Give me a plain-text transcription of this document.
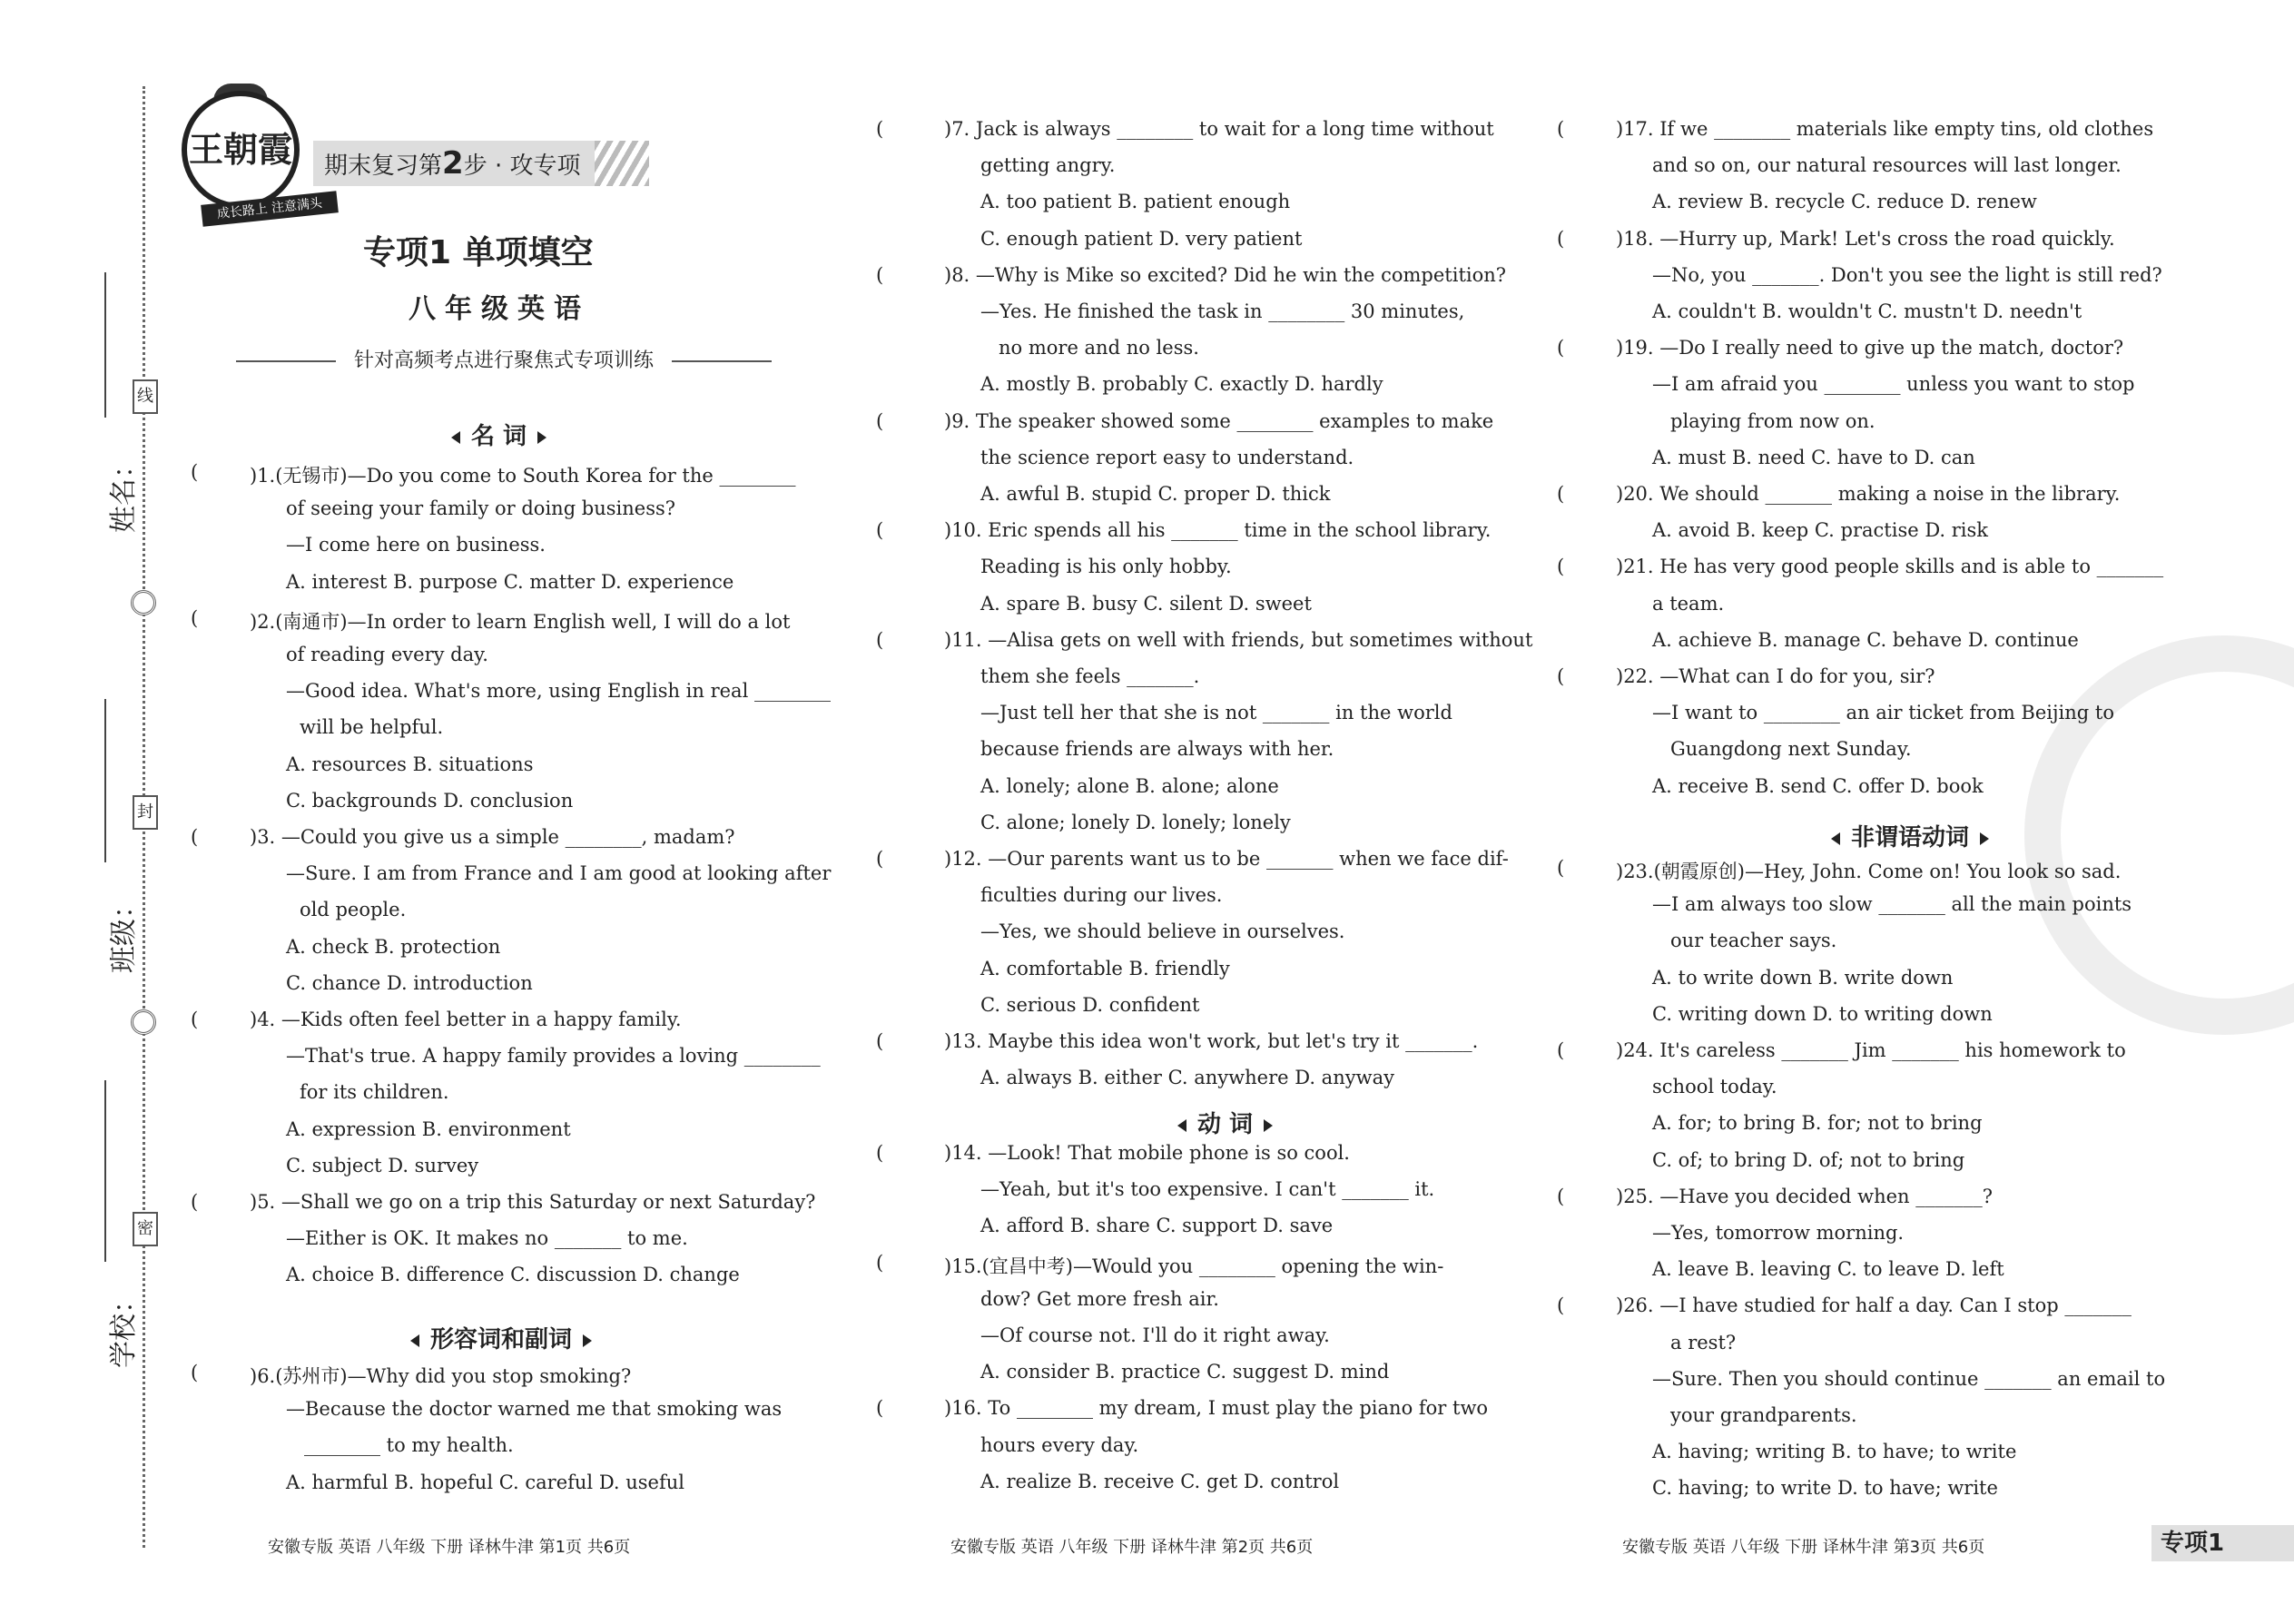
姓名：
班级：
学校：
线
封
密
王朝霞
成长路上 注意满头
期末复习第2步 · 攻专项
专项1 单项填空
八年级英语
针对高频考点进行聚焦式专项训练
名 词
形容词和副词
动 词
非谓语动词
)1.(无锡市)—Do you come to South Korea for the ________
(
of seeing your family or doing business?
—I come here on business.
A. interest B. purpose C. matter D. experience
)2.(南通市)—In order to learn English well, I will do a lot
(
of reading every day.
—Good idea. What's more, using English in real ________
will be helpful.
A. resources B. situations
C. backgrounds D. conclusion
)3. —Could you give us a simple ________, madam?
(
—Sure. I am from France and I am good at looking after
old people.
A. check B. protection
C. chance D. introduction
)4. —Kids often feel better in a happy family.
(
—That's true. A happy family provides a loving ________
for its children.
A. expression B. environment
C. subject D. survey
)5. —Shall we go on a trip this Saturday or next Saturday?
(
—Either is OK. It makes no _______ to me.
A. choice B. difference C. discussion D. change
)6.(苏州市)—Why did you stop smoking?
(
—Because the doctor warned me that smoking was
________ to my health.
A. harmful B. hopeful C. careful D. useful
)7. Jack is always ________ to wait for a long time without
(
getting angry.
A. too patient B. patient enough
C. enough patient D. very patient
)8. —Why is Mike so excited? Did he win the competition?
(
—Yes. He finished the task in ________ 30 minutes,
no more and no less.
A. mostly B. probably C. exactly D. hardly
)9. The speaker showed some ________ examples to make
(
the science report easy to understand.
A. awful B. stupid C. proper D. thick
)10. Eric spends all his _______ time in the school library.
(
Reading is his only hobby.
A. spare B. busy C. silent D. sweet
)11. —Alisa gets on well with friends, but sometimes without
(
them she feels _______.
—Just tell her that she is not _______ in the world
because friends are always with her.
A. lonely; alone B. alone; alone
C. alone; lonely D. lonely; lonely
)12. —Our parents want us to be _______ when we face dif-
(
ficulties during our lives.
—Yes, we should believe in ourselves.
A. comfortable B. friendly
C. serious D. confident
)13. Maybe this idea won't work, but let's try it _______.
(
A. always B. either C. anywhere D. anyway
)14. —Look! That mobile phone is so cool.
(
—Yeah, but it's too expensive. I can't _______ it.
A. afford B. share C. support D. save
)15.(宜昌中考)—Would you ________ opening the win-
(
dow? Get more fresh air.
—Of course not. I'll do it right away.
A. consider B. practice C. suggest D. mind
)16. To ________ my dream, I must play the piano for two
(
hours every day.
A. realize B. receive C. get D. control
)17. If we ________ materials like empty tins, old clothes
(
and so on, our natural resources will last longer.
A. review B. recycle C. reduce D. renew
)18. —Hurry up, Mark! Let's cross the road quickly.
(
—No, you _______. Don't you see the light is still red?
A. couldn't B. wouldn't C. mustn't D. needn't
)19. —Do I really need to give up the match, doctor?
(
—I am afraid you ________ unless you want to stop
playing from now on.
A. must B. need C. have to D. can
)20. We should _______ making a noise in the library.
(
A. avoid B. keep C. practise D. risk
)21. He has very good people skills and is able to _______
(
a team.
A. achieve B. manage C. behave D. continue
)22. —What can I do for you, sir?
(
—I want to ________ an air ticket from Beijing to
Guangdong next Sunday.
A. receive B. send C. offer D. book
)23.(朝霞原创)—Hey, John. Come on! You look so sad.
(
—I am always too slow _______ all the main points
our teacher says.
A. to write down B. write down
C. writing down D. to writing down
)24. It's careless _______ Jim _______ his homework to
(
school today.
A. for; to bring B. for; not to bring
C. of; to bring D. of; not to bring
)25. —Have you decided when _______?
(
—Yes, tomorrow morning.
A. leave B. leaving C. to leave D. left
)26. —I have studied for half a day. Can I stop _______
(
a rest?
—Sure. Then you should continue _______ an email to
your grandparents.
A. having; writing B. to have; to write
C. having; to write D. to have; write
安徽专版 英语 八年级 下册 译林牛津 第1页 共6页	安徽专版 英语 八年级 下册 译林牛津 第2页 共6页	安徽专版 英语 八年级 下册 译林牛津 第3页 共6页	专项1
